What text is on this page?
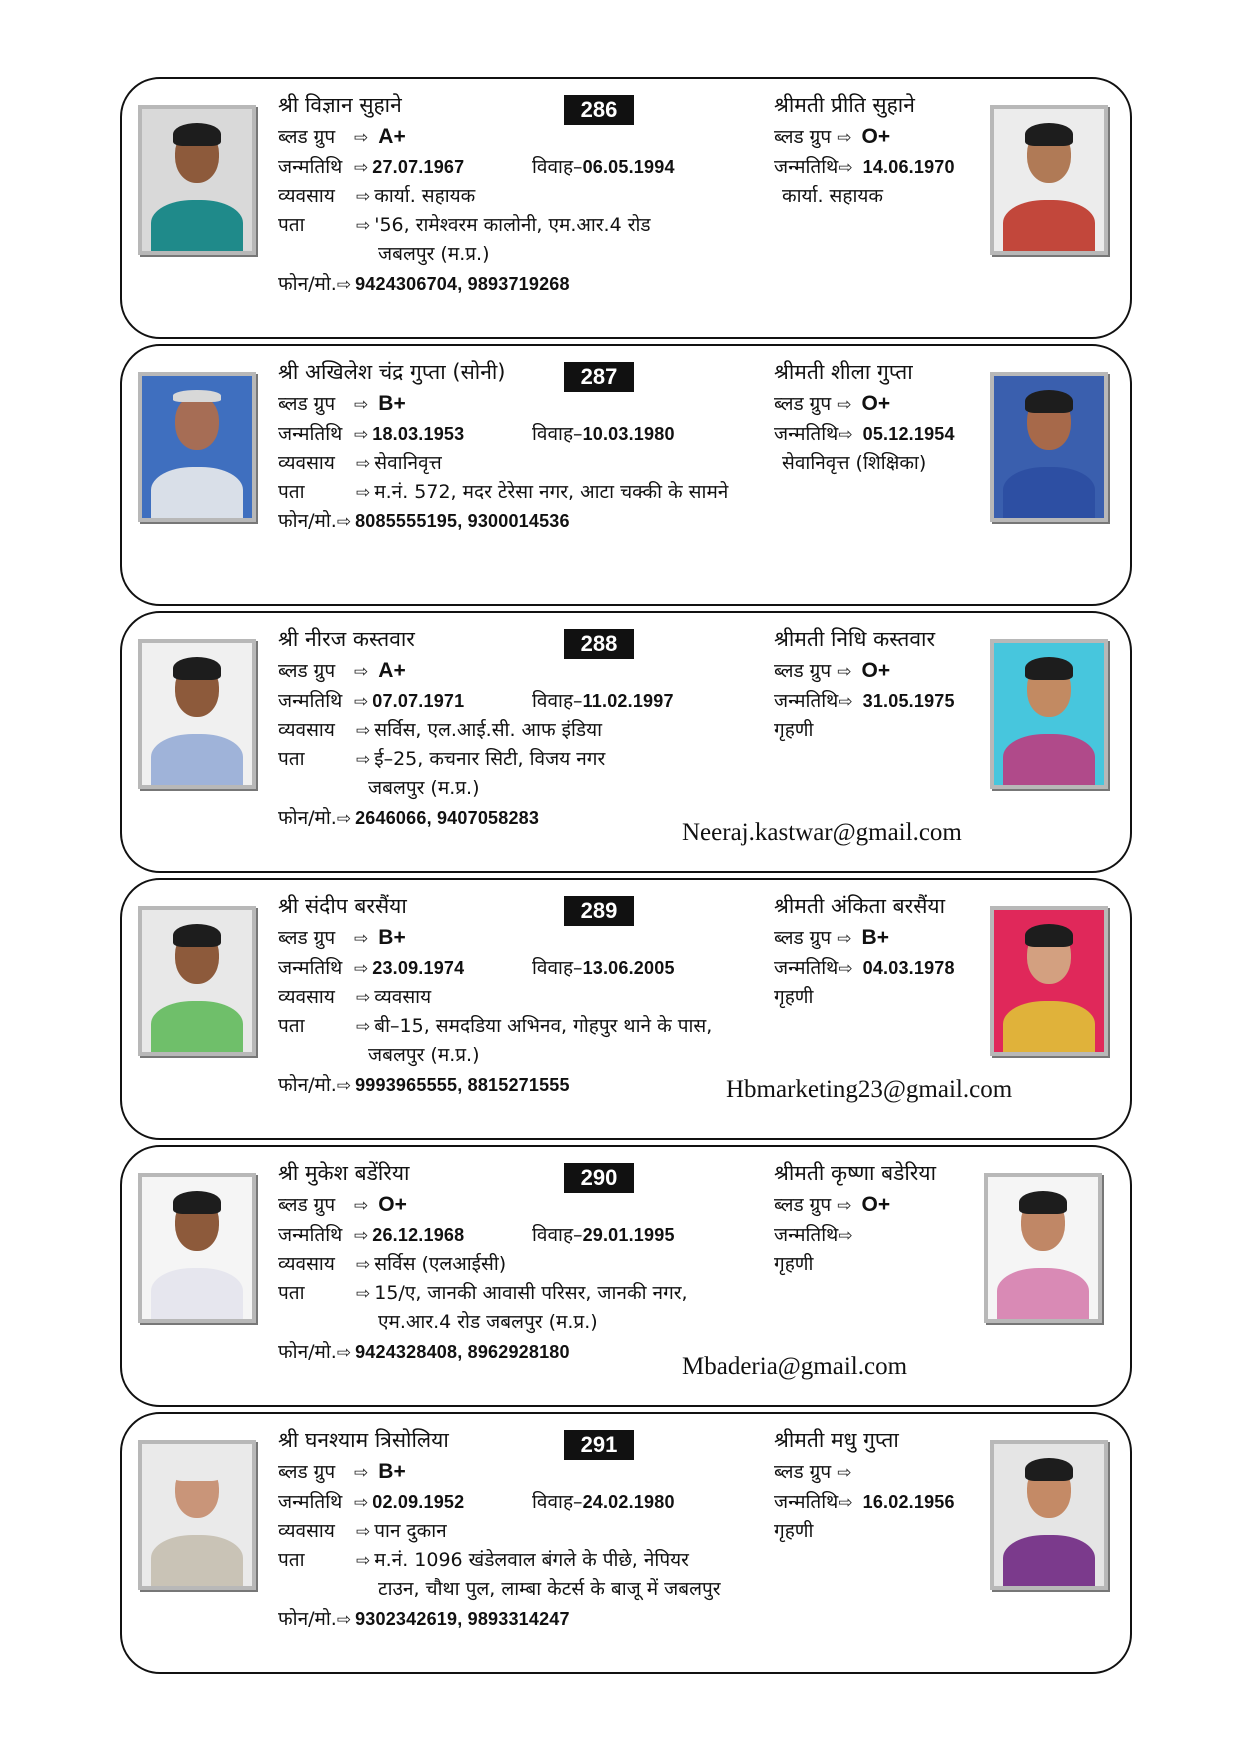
श्री विज्ञान सुहाने	286
ब्लड ग्रुप ⇨ A+
जन्मतिथि ⇨ 27.07.1967	विवाह–06.05.1994
व्यवसाय ⇨ कार्या. सहायक
पता	⇨ '56, रामेश्वरम कालोनी, एम.आर.4 रोड
जबलपुर (म.प्र.)
फोन/मो.⇨ 9424306704, 9893719268
श्रीमती प्रीति सुहाने
ब्लड ग्रुप ⇨ O+
जन्मतिथि⇨ 14.06.1970
कार्या. सहायक
श्री अखिलेश चंद्र गुप्ता (सोनी)	287
ब्लड ग्रुप ⇨ B+
जन्मतिथि ⇨ 18.03.1953	विवाह–10.03.1980
व्यवसाय ⇨ सेवानिवृत्त
पता	⇨ म.नं. 572, मदर टेरेसा नगर, आटा चक्की के सामने
फोन/मो.⇨ 8085555195, 9300014536
श्रीमती शीला गुप्ता
ब्लड ग्रुप ⇨ O+
जन्मतिथि⇨ 05.12.1954
सेवानिवृत्त (शिक्षिका)
श्री नीरज कस्तवार	288
ब्लड ग्रुप ⇨ A+
जन्मतिथि ⇨ 07.07.1971	विवाह–11.02.1997
व्यवसाय ⇨ सर्विस, एल.आई.सी. आफ इंडिया
पता	⇨ ई–25, कचनार सिटी, विजय नगर
जबलपुर (म.प्र.)
फोन/मो.⇨ 2646066, 9407058283
Neeraj.kastwar@gmail.com
श्रीमती निधि कस्तवार
ब्लड ग्रुप ⇨ O+
जन्मतिथि⇨ 31.05.1975
गृहणी
श्री संदीप बरसैंया	289
ब्लड ग्रुप ⇨ B+
जन्मतिथि ⇨ 23.09.1974	विवाह–13.06.2005
व्यवसाय ⇨ व्यवसाय
पता	⇨ बी–15, समदडिया अभिनव, गोहपुर थाने के पास,
जबलपुर (म.प्र.)
फोन/मो.⇨ 9993965555, 8815271555	Hbmarketing23@gmail.com
श्रीमती अंकिता बरसैंया
ब्लड ग्रुप ⇨ B+
जन्मतिथि⇨ 04.03.1978
गृहणी
श्री मुकेश बडेंरिया	290
ब्लड ग्रुप ⇨ O+
जन्मतिथि ⇨ 26.12.1968	विवाह–29.01.1995
व्यवसाय ⇨ सर्विस (एलआईसी)
पता	⇨ 15/ए, जानकी आवासी परिसर, जानकी नगर,
एम.आर.4 रोड जबलपुर (म.प्र.)
फोन/मो.⇨ 9424328408, 8962928180
Mbaderia@gmail.com
श्रीमती कृष्णा बडेरिया
ब्लड ग्रुप ⇨ O+
जन्मतिथि⇨
गृहणी
श्री घनश्याम त्रिसोलिया	291
ब्लड ग्रुप ⇨ B+
जन्मतिथि ⇨ 02.09.1952	विवाह–24.02.1980
व्यवसाय ⇨ पान दुकान
पता	⇨ म.नं. 1096 खंडेलवाल बंगले के पीछे, नेपियर
टाउन, चौथा पुल, लाम्बा केटर्स के बाजू में जबलपुर
फोन/मो.⇨ 9302342619, 9893314247
श्रीमती मधु गुप्ता
ब्लड ग्रुप ⇨
जन्मतिथि⇨ 16.02.1956
गृहणी
